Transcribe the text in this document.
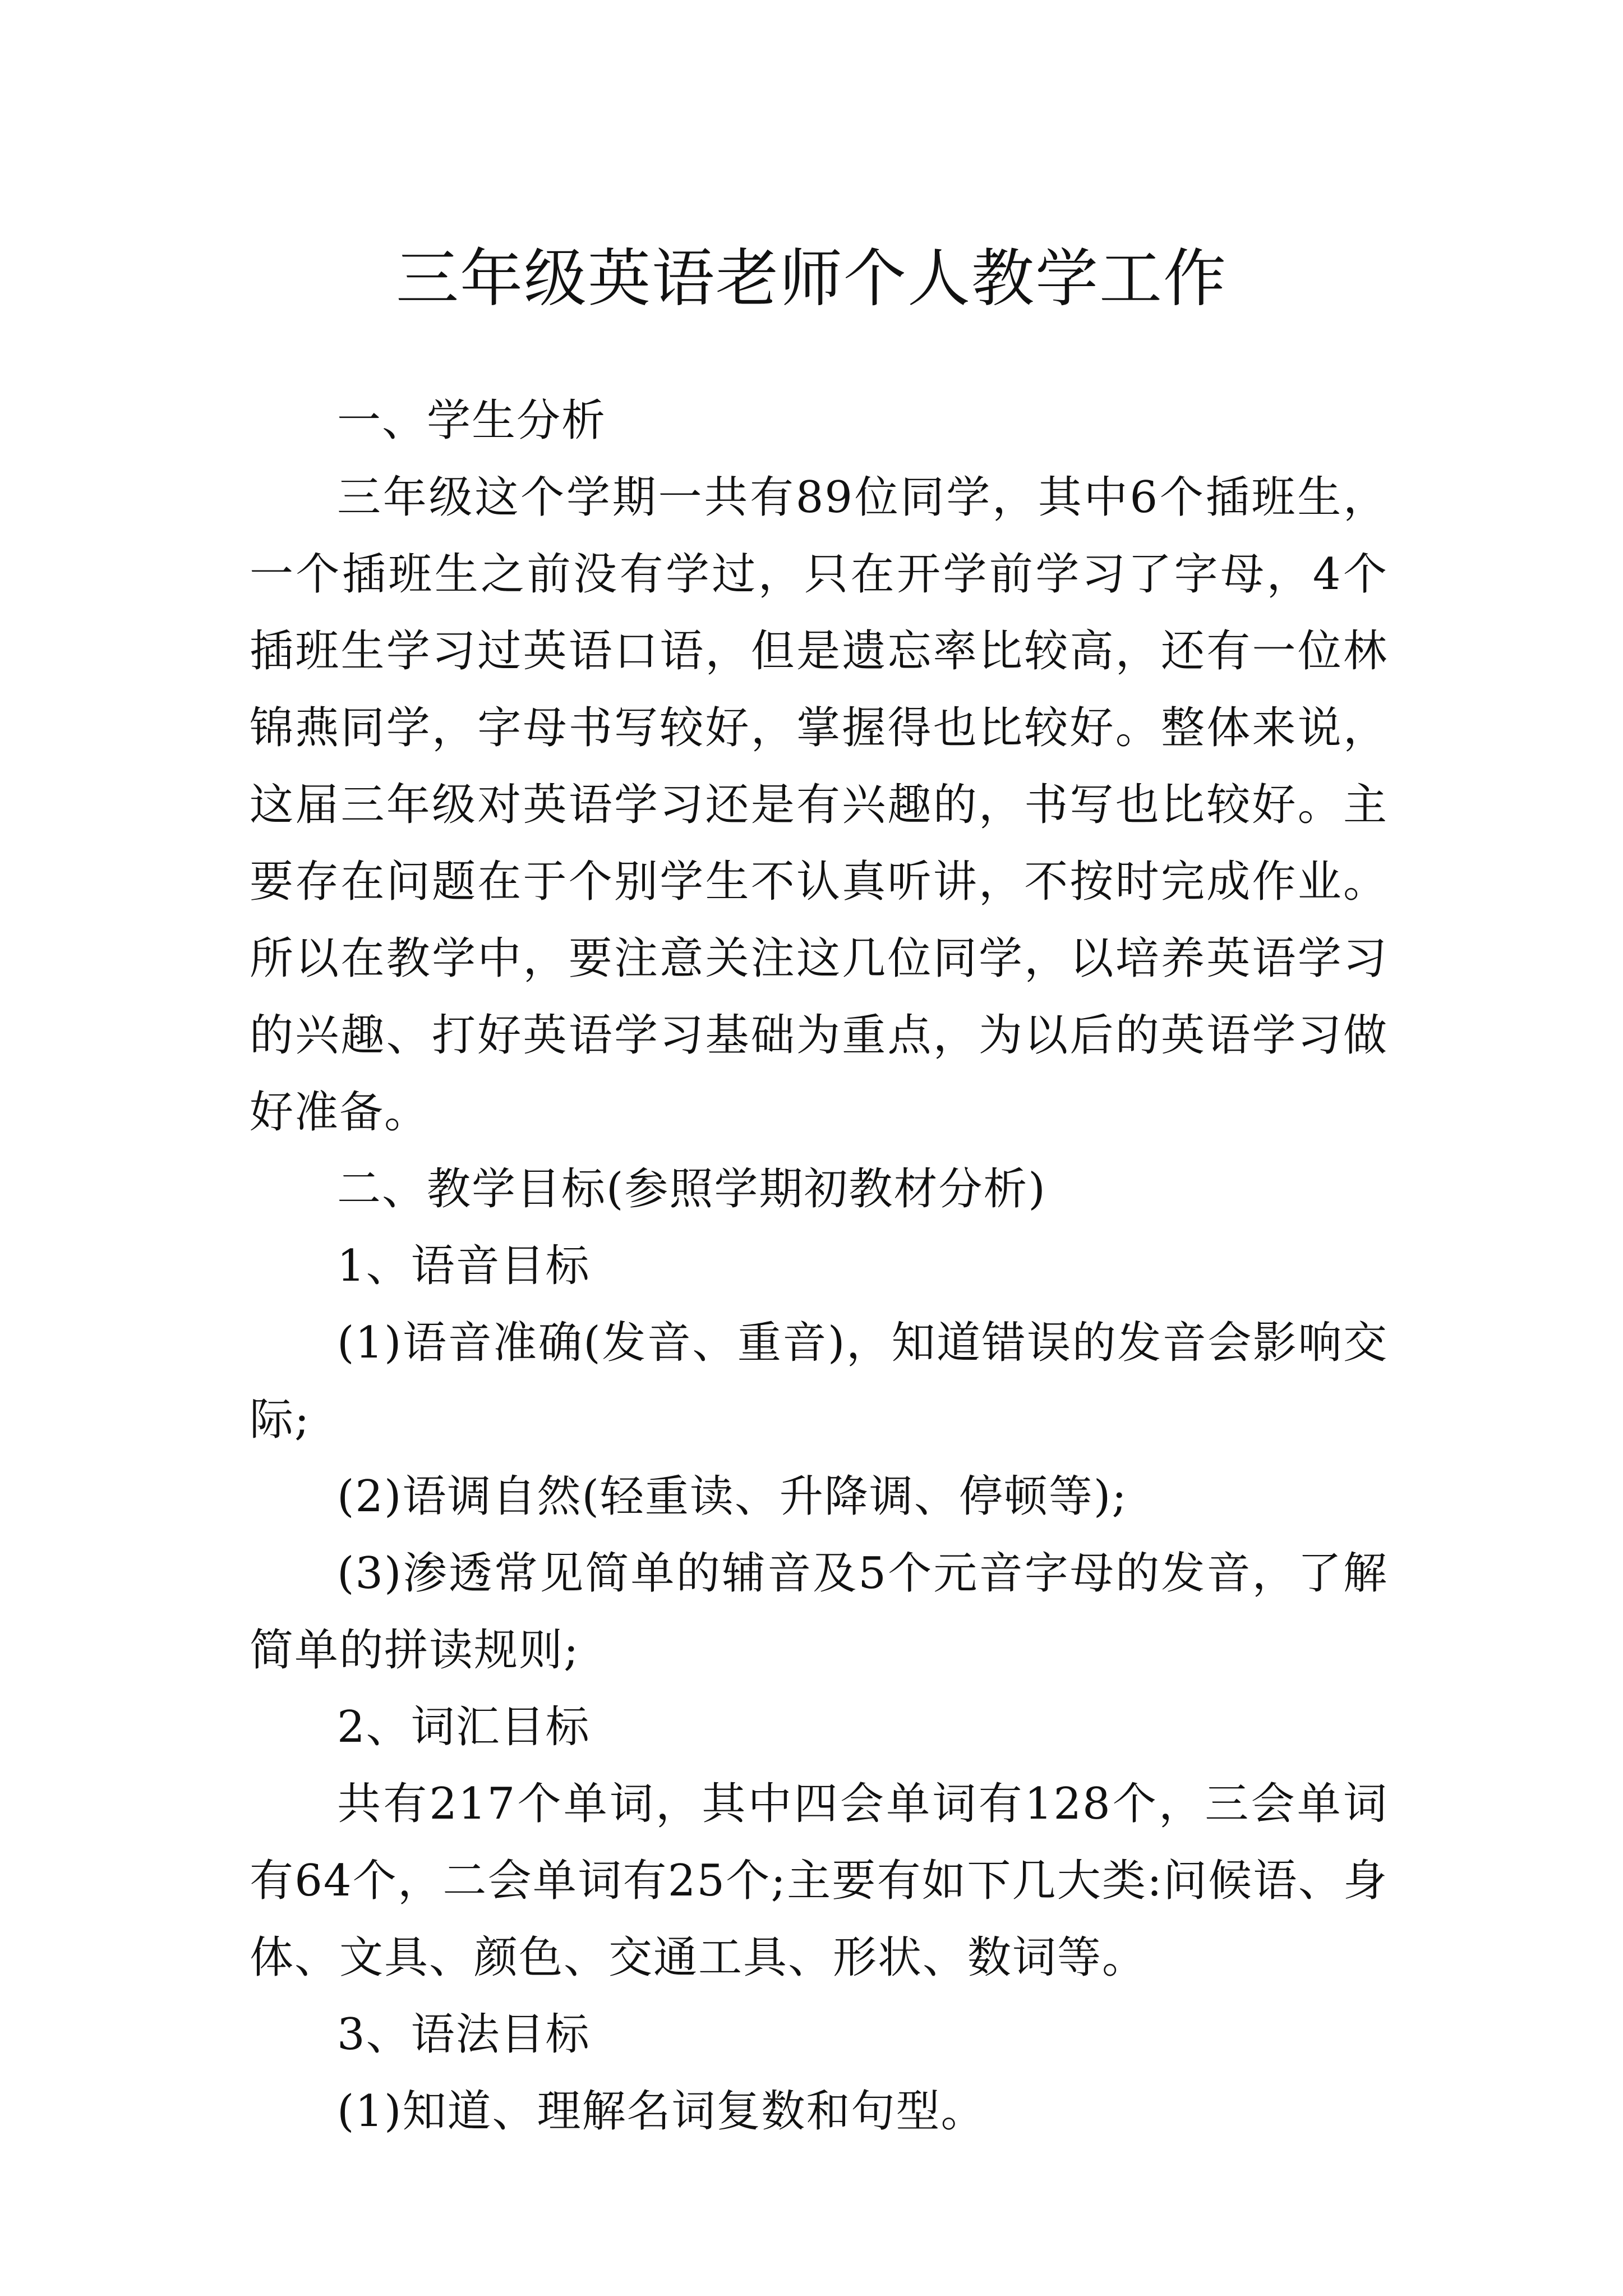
三年级英语老师个人教学工作

一、学生分析

三年级这个学期一共有89位同学，其中6个插班生，一个插班生之前没有学过，只在开学前学习了字母，4个插班生学习过英语口语，但是遗忘率比较高，还有一位林锦燕同学，字母书写较好，掌握得也比较好。整体来说，这届三年级对英语学习还是有兴趣的，书写也比较好。主要存在问题在于个别学生不认真听讲，不按时完成作业。所以在教学中，要注意关注这几位同学，以培养英语学习的兴趣、打好英语学习基础为重点，为以后的英语学习做好准备。

二、教学目标(参照学期初教材分析)

1、语音目标

(1)语音准确(发音、重音)，知道错误的发音会影响交际;

(2)语调自然(轻重读、升降调、停顿等);

(3)渗透常见简单的辅音及5个元音字母的发音，了解简单的拼读规则;

2、词汇目标

共有217个单词，其中四会单词有128个，三会单词有64个，二会单词有25个;主要有如下几大类:问候语、身体、文具、颜色、交通工具、形状、数词等。

3、语法目标

(1)知道、理解名词复数和句型。
